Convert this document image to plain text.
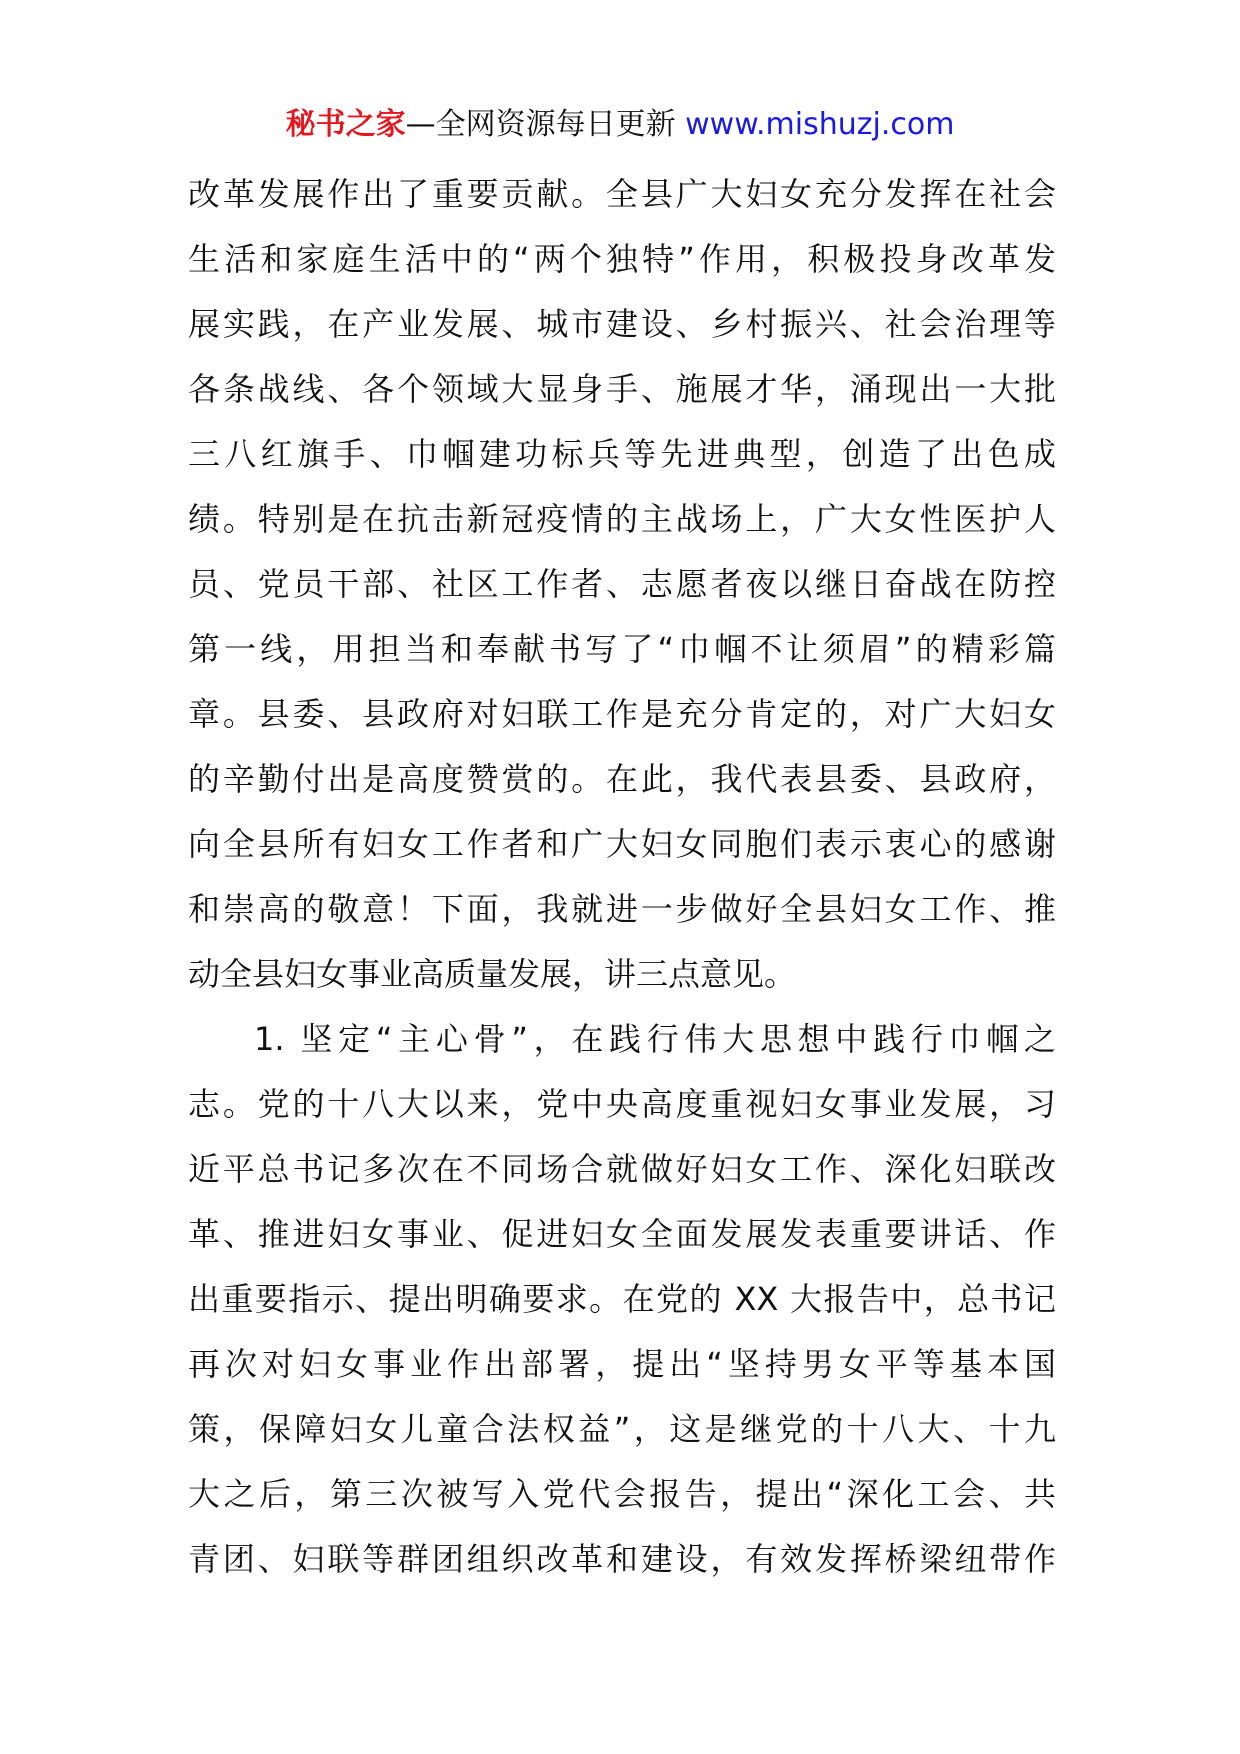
秘书之家—全网资源每日更新 www.mishuzj.com
改革发展作出了重要贡献。全县广大妇女充分发挥在社会
生活和家庭生活中的“两个独特”作用，积极投身改革发
展实践，在产业发展、城市建设、乡村振兴、社会治理等
各条战线、各个领域大显身手、施展才华，涌现出一大批
三八红旗手、巾帼建功标兵等先进典型，创造了出色成
绩。特别是在抗击新冠疫情的主战场上，广大女性医护人
员、党员干部、社区工作者、志愿者夜以继日奋战在防控
第一线，用担当和奉献书写了“巾帼不让须眉”的精彩篇
章。县委、县政府对妇联工作是充分肯定的，对广大妇女
的辛勤付出是高度赞赏的。在此，我代表县委、县政府，
向全县所有妇女工作者和广大妇女同胞们表示衷心的感谢
和崇高的敬意！下面，我就进一步做好全县妇女工作、推
动全县妇女事业高质量发展，讲三点意见。
1. 坚定“主心骨”，在践行伟大思想中践行巾帼之
志。党的十八大以来，党中央高度重视妇女事业发展，习
近平总书记多次在不同场合就做好妇女工作、深化妇联改
革、推进妇女事业、促进妇女全面发展发表重要讲话、作
出重要指示、提出明确要求。在党的 XX 大报告中，总书记
再次对妇女事业作出部署，提出“坚持男女平等基本国
策，保障妇女儿童合法权益”，这是继党的十八大、十九
大之后，第三次被写入党代会报告，提出“深化工会、共
青团、妇联等群团组织改革和建设，有效发挥桥梁纽带作
